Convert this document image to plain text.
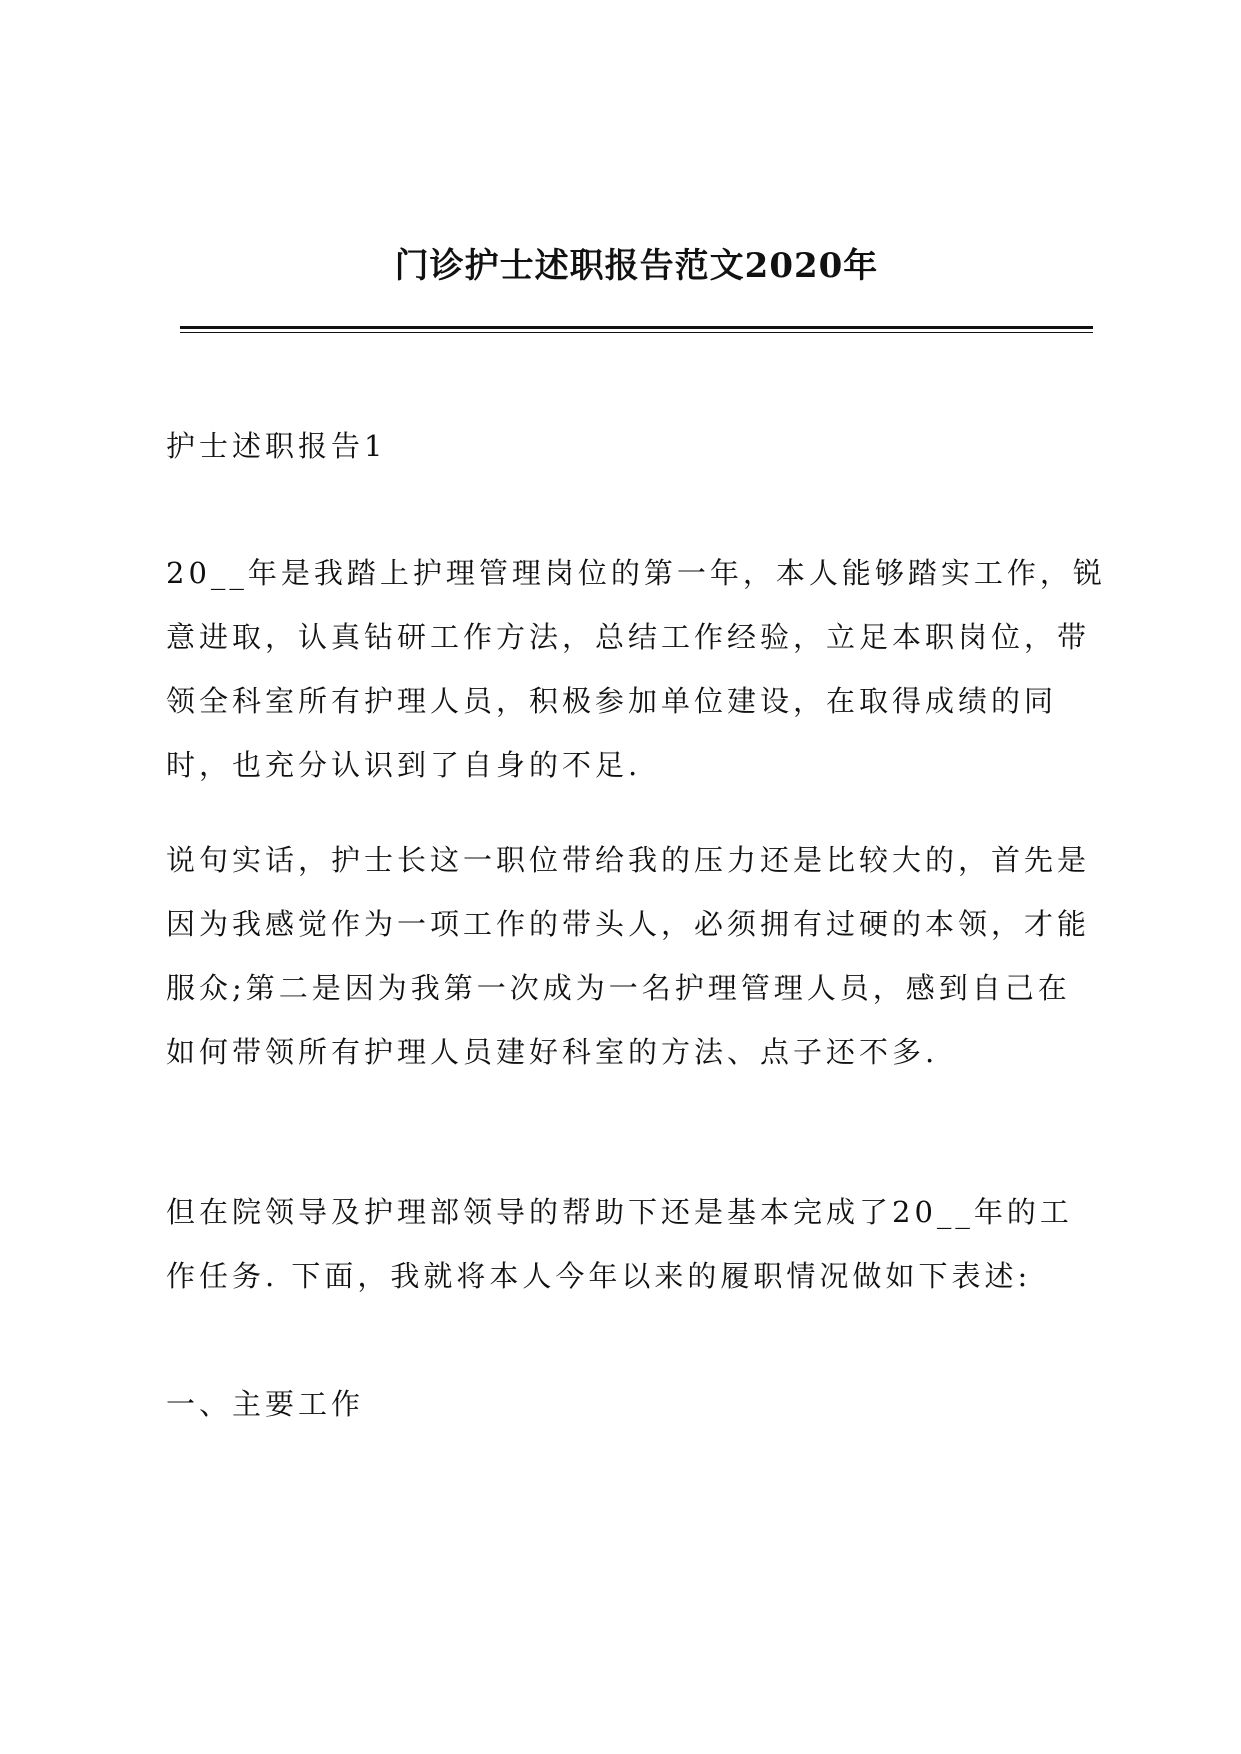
门诊护士述职报告范文2020年
护士述职报告1
20__年是我踏上护理管理岗位的第一年，本人能够踏实工作，锐
意进取，认真钻研工作方法，总结工作经验，立足本职岗位，带
领全科室所有护理人员，积极参加单位建设，在取得成绩的同
时，也充分认识到了自身的不足.
说句实话，护士长这一职位带给我的压力还是比较大的，首先是
因为我感觉作为一项工作的带头人，必须拥有过硬的本领，才能
服众;第二是因为我第一次成为一名护理管理人员，感到自己在
如何带领所有护理人员建好科室的方法、点子还不多.
但在院领导及护理部领导的帮助下还是基本完成了20__年的工
作任务. 下面，我就将本人今年以来的履职情况做如下表述:
一、主要工作
